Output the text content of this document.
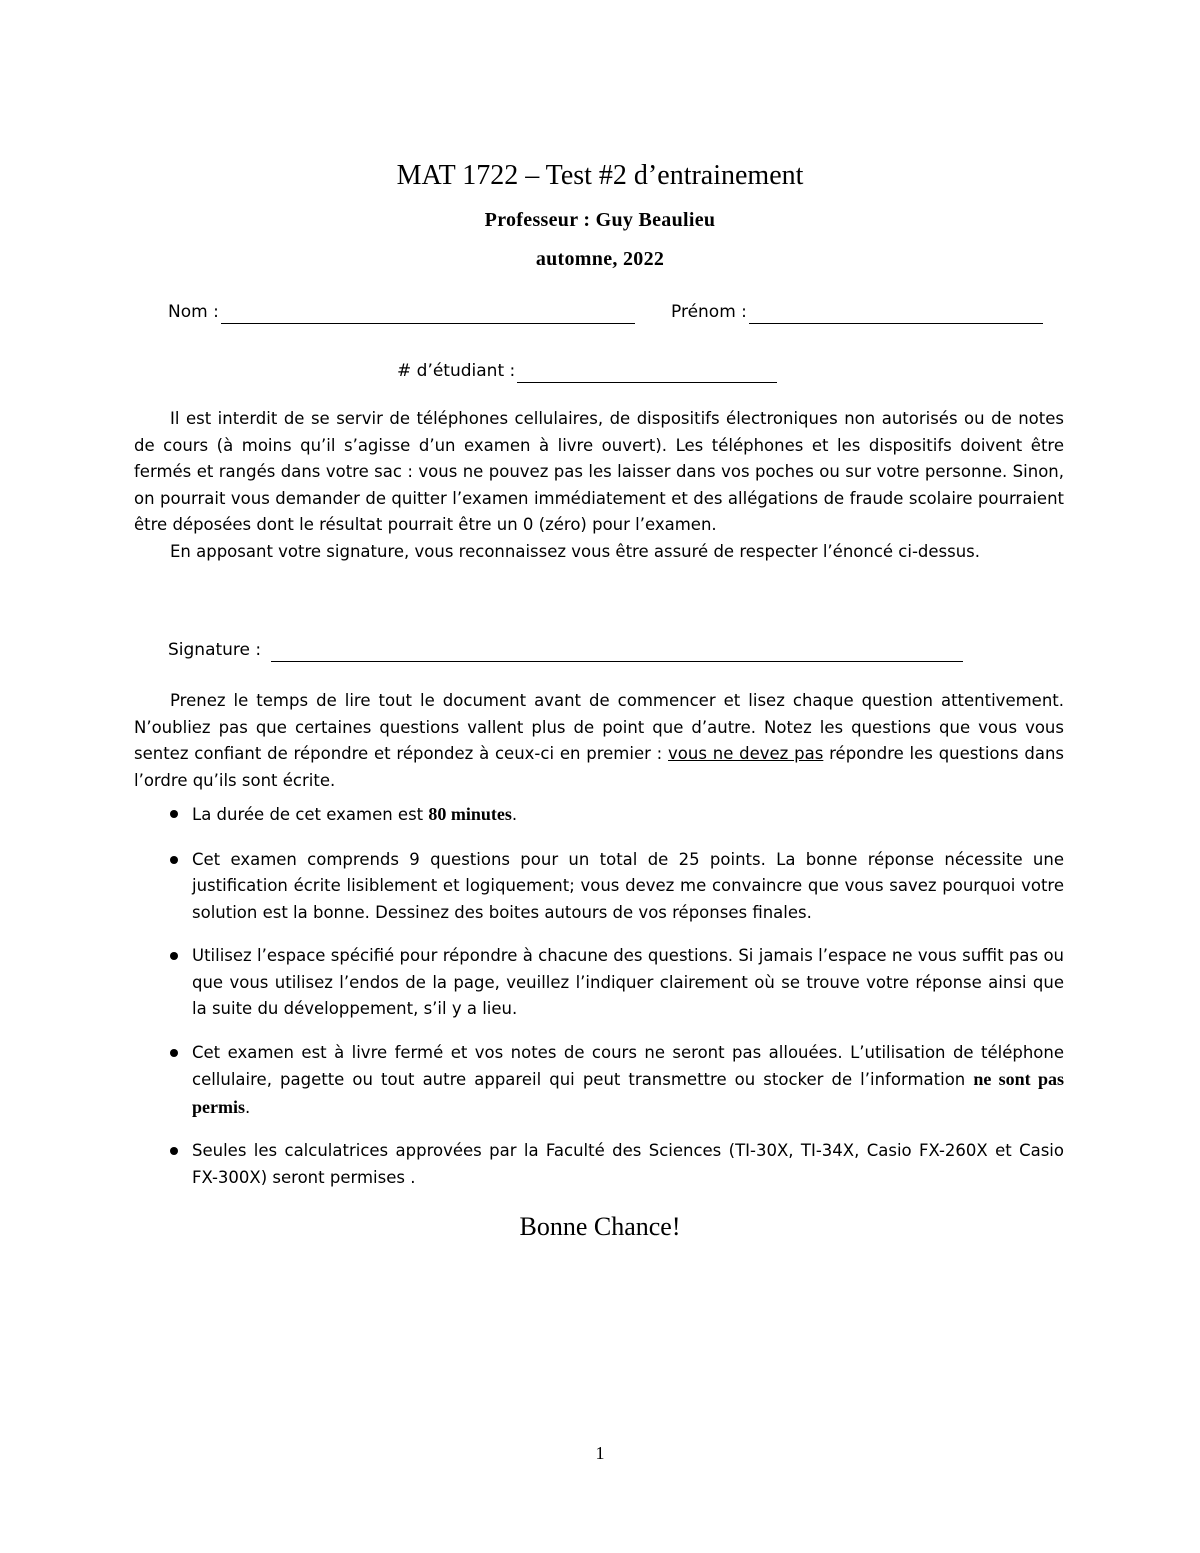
MAT 1722 – Test #2 d’entrainement
Professeur : Guy Beaulieu
automne, 2022
Nom :	Prénom :
# d’étudiant :

Il est interdit de se servir de téléphones cellulaires, de dispositifs électroniques non autorisés ou de notes de cours (à moins qu’il s’agisse d’un examen à livre ouvert). Les téléphones et les dispositifs doivent être fermés et rangés dans votre sac : vous ne pouvez pas les laisser dans vos poches ou sur votre personne. Sinon, on pourrait vous demander de quitter l’examen immédiatement et des allégations de fraude scolaire pourraient être déposées dont le résultat pourrait être un 0 (zéro) pour l’examen.

En apposant votre signature, vous reconnaissez vous être assuré de respecter l’énoncé ci-dessus.

Signature :

Prenez le temps de lire tout le document avant de commencer et lisez chaque question attentivement. N’oubliez pas que certaines questions vallent plus de point que d’autre. Notez les questions que vous vous sentez confiant de répondre et répondez à ceux-ci en premier : vous ne devez pas répondre les questions dans l’ordre qu’ils sont écrite.

La durée de cet examen est 80 minutes.
Cet examen comprends 9 questions pour un total de 25 points. La bonne réponse nécessite une justification écrite lisiblement et logiquement; vous devez me convaincre que vous savez pourquoi votre solution est la bonne. Dessinez des boites autours de vos réponses finales.
Utilisez l’espace spécifié pour répondre à chacune des questions. Si jamais l’espace ne vous suffit pas ou que vous utilisez l’endos de la page, veuillez l’indiquer clairement où se trouve votre réponse ainsi que la suite du développement, s’il y a lieu.
Cet examen est à livre fermé et vos notes de cours ne seront pas allouées. L’utilisation de téléphone cellulaire, pagette ou tout autre appareil qui peut transmettre ou stocker de l’information ne sont pas permis.
Seules les calculatrices approvées par la Faculté des Sciences (TI-30X, TI-34X, Casio FX-260X et Casio FX-300X) seront permises .
Bonne Chance!
1
